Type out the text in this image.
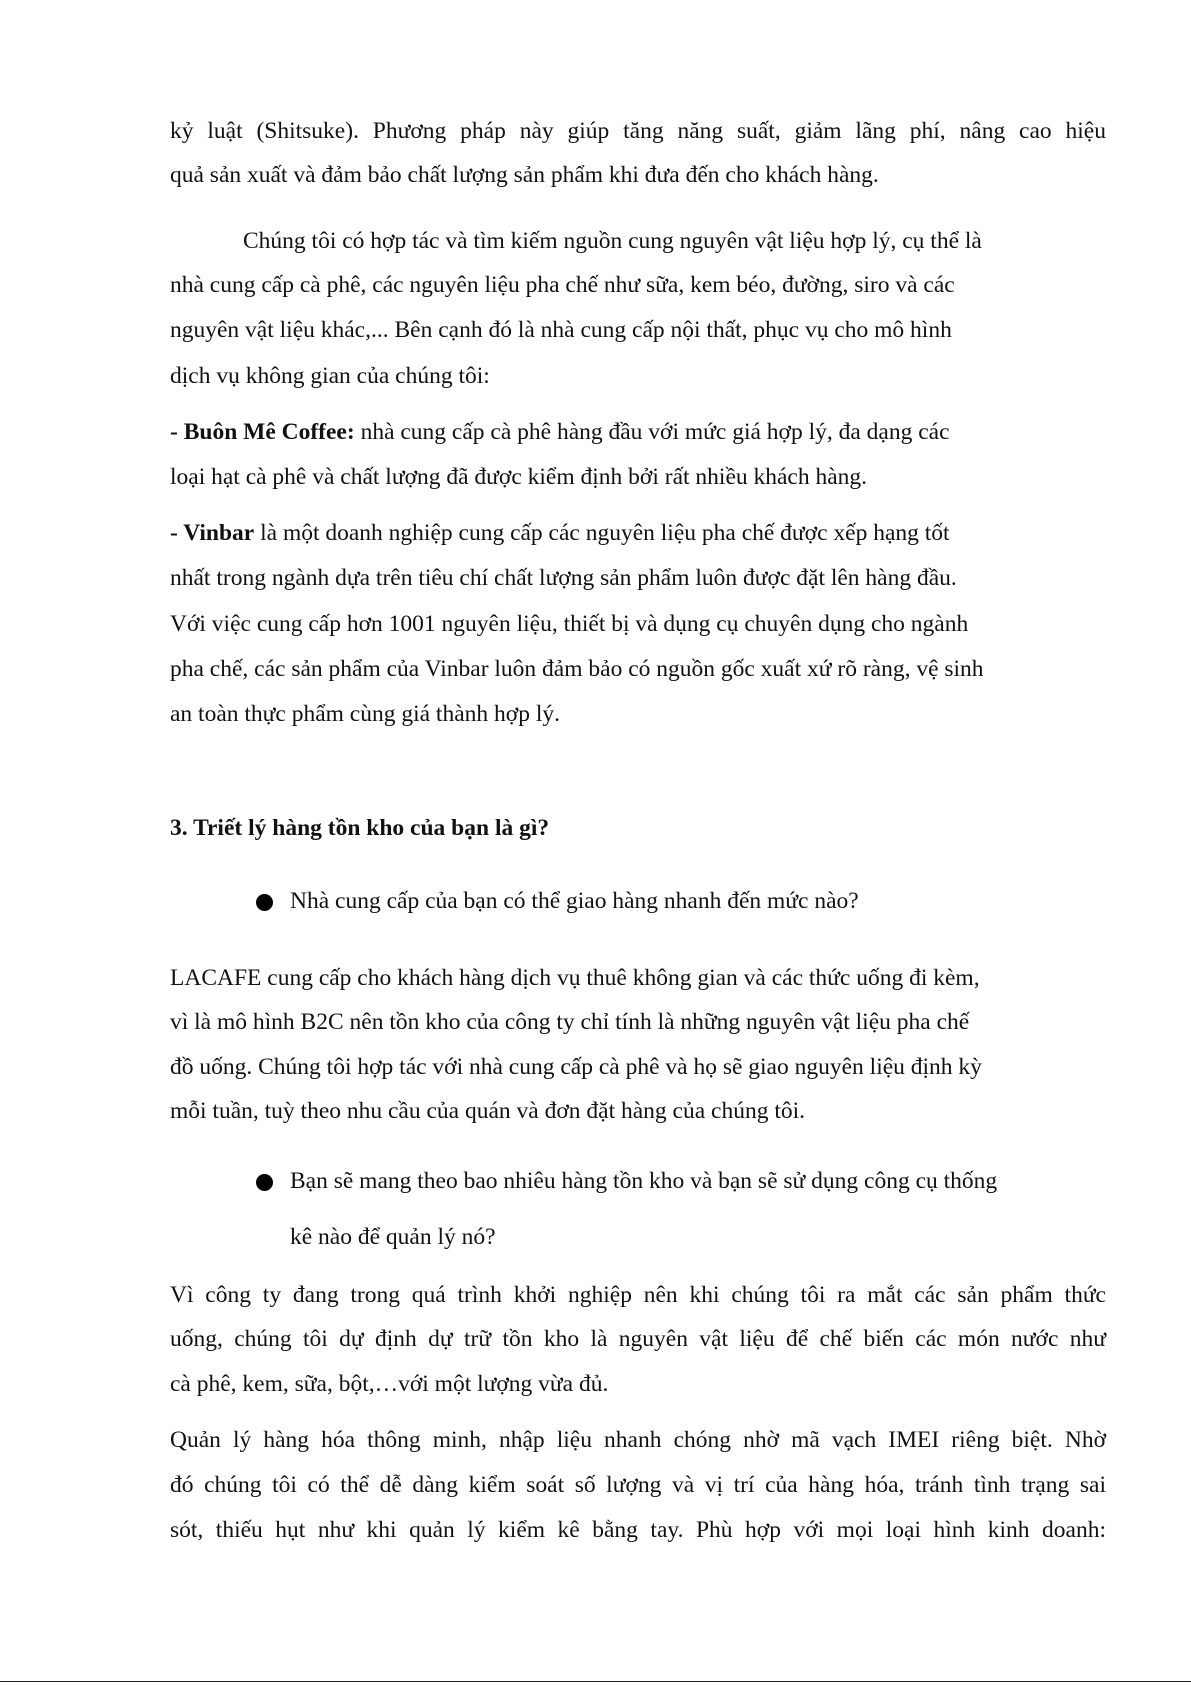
kỷ luật (Shitsuke). Phương pháp này giúp tăng năng suất, giảm lãng phí, nâng cao hiệu
quả sản xuất và đảm bảo chất lượng sản phẩm khi đưa đến cho khách hàng.
Chúng tôi có hợp tác và tìm kiếm nguồn cung nguyên vật liệu hợp lý, cụ thể là
nhà cung cấp cà phê, các nguyên liệu pha chế như sữa, kem béo, đường, siro và các
nguyên vật liệu khác,... Bên cạnh đó là nhà cung cấp nội thất, phục vụ cho mô hình
dịch vụ không gian của chúng tôi:
- Buôn Mê Coffee: nhà cung cấp cà phê hàng đầu với mức giá hợp lý, đa dạng các
loại hạt cà phê và chất lượng đã được kiểm định bởi rất nhiều khách hàng.
- Vinbar là một doanh nghiệp cung cấp các nguyên liệu pha chế được xếp hạng tốt
nhất trong ngành dựa trên tiêu chí chất lượng sản phẩm luôn được đặt lên hàng đầu.
Với việc cung cấp hơn 1001 nguyên liệu, thiết bị và dụng cụ chuyên dụng cho ngành
pha chế, các sản phẩm của Vinbar luôn đảm bảo có nguồn gốc xuất xứ rõ ràng, vệ sinh
an toàn thực phẩm cùng giá thành hợp lý.
3. Triết lý hàng tồn kho của bạn là gì?
Nhà cung cấp của bạn có thể giao hàng nhanh đến mức nào?
LACAFE cung cấp cho khách hàng dịch vụ thuê không gian và các thức uống đi kèm,
vì là mô hình B2C nên tồn kho của công ty chỉ tính là những nguyên vật liệu pha chế
đồ uống. Chúng tôi hợp tác với nhà cung cấp cà phê và họ sẽ giao nguyên liệu định kỳ
mỗi tuần, tuỳ theo nhu cầu của quán và đơn đặt hàng của chúng tôi.
Bạn sẽ mang theo bao nhiêu hàng tồn kho và bạn sẽ sử dụng công cụ thống
kê nào để quản lý nó?
Vì công ty đang trong quá trình khởi nghiệp nên khi chúng tôi ra mắt các sản phẩm thức
uống, chúng tôi dự định dự trữ tồn kho là nguyên vật liệu để chế biến các món nước như
cà phê, kem, sữa, bột,…với một lượng vừa đủ.
Quản lý hàng hóa thông minh, nhập liệu nhanh chóng nhờ mã vạch IMEI riêng biệt. Nhờ
đó chúng tôi có thể dễ dàng kiểm soát số lượng và vị trí của hàng hóa, tránh tình trạng sai
sót, thiếu hụt như khi quản lý kiểm kê bằng tay. Phù hợp với mọi loại hình kinh doanh:
